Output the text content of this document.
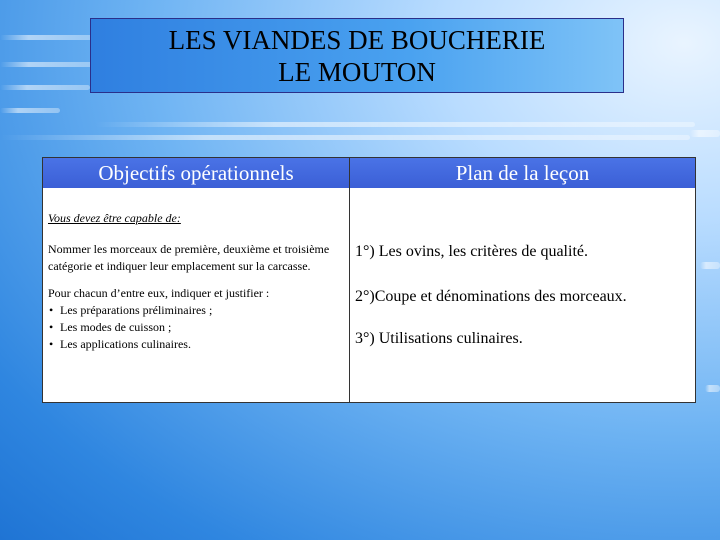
LES VIANDES DE BOUCHERIE
LE MOUTON
Objectifs opérationnels	Plan de la leçon
Vous devez être capable de:

Nommer les morceaux de première, deuxième et troisième catégorie et indiquer leur emplacement sur la carcasse.

Pour chacun d’entre eux, indiquer et justifier :
• Les préparations préliminaires ;
• Les modes de cuisson ;
• Les applications culinaires.
1°) Les ovins, les critères de qualité.
2°)Coupe et dénominations des morceaux.
3°) Utilisations culinaires.
